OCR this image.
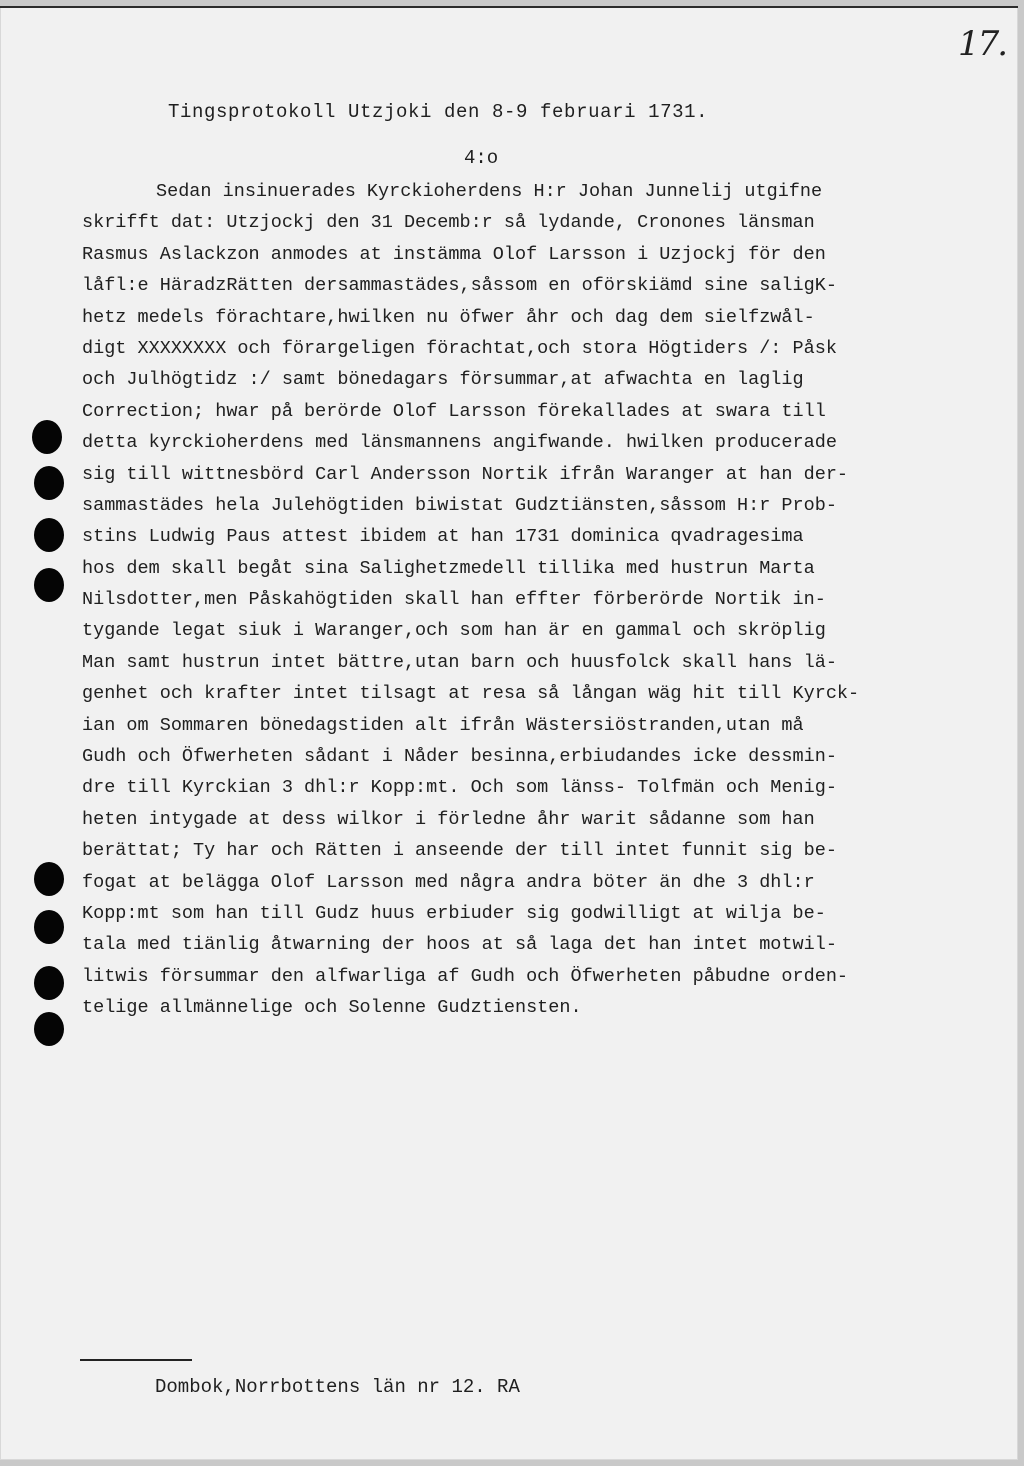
17.
Tingsprotokoll Utzjoki den 8-9 februari 1731.
4:o
Sedan insinuerades Kyrckioherdens H:r Johan Junnelij utgifne
skrifft dat: Utzjockj den 31 Decemb:r så lydande, Cronones länsman
Rasmus Aslackzon anmodes at instämma Olof Larsson i Uzjockj för den
låfl:e HäradzRätten dersammastädes,såssom en oförskiämd sine saligK-
hetz medels förachtare,hwilken nu öfwer åhr och dag dem sielfzwål-
digt XXXXXXXX och förargeligen förachtat,och stora Högtiders /: Påsk
och Julhögtidz :/ samt bönedagars försummar,at afwachta en laglig
Correction; hwar på berörde Olof Larsson förekallades at swara till
detta kyrckioherdens med länsmannens angifwande. hwilken producerade
sig till wittnesbörd Carl Andersson Nortik ifrån Waranger at han der-
sammastädes hela Julehögtiden biwistat Gudztiänsten,såssom H:r Prob-
stins Ludwig Paus attest ibidem at han 1731 dominica qvadragesima
hos dem skall begåt sina Salighetzmedell tillika med hustrun Marta
Nilsdotter,men Påskahögtiden skall han effter förberörde Nortik in-
tygande legat siuk i Waranger,och som han är en gammal och skröplig
Man samt hustrun intet bättre,utan barn och huusfolck skall hans lä-
genhet och krafter intet tilsagt at resa så långan wäg hit till Kyrck-
ian om Sommaren bönedagstiden alt ifrån Wästersiöstranden,utan må
Gudh och Öfwerheten sådant i Nåder besinna,erbiudandes icke dessmin-
dre till Kyrckian 3 dhl:r Kopp:mt. Och som länss- Tolfmän och Menig-
heten intygade at dess wilkor i förledne åhr warit sådanne som han
berättat; Ty har och Rätten i anseende der till intet funnit sig be-
fogat at belägga Olof Larsson med några andra böter än dhe 3 dhl:r
Kopp:mt som han till Gudz huus erbiuder sig godwilligt at wilja be-
tala med tiänlig åtwarning der hoos at så laga det han intet motwil-
litwis försummar den alfwarliga af Gudh och Öfwerheten påbudne orden-
telige allmännelige och Solenne Gudztiensten.
Dombok,Norrbottens län nr 12. RA
